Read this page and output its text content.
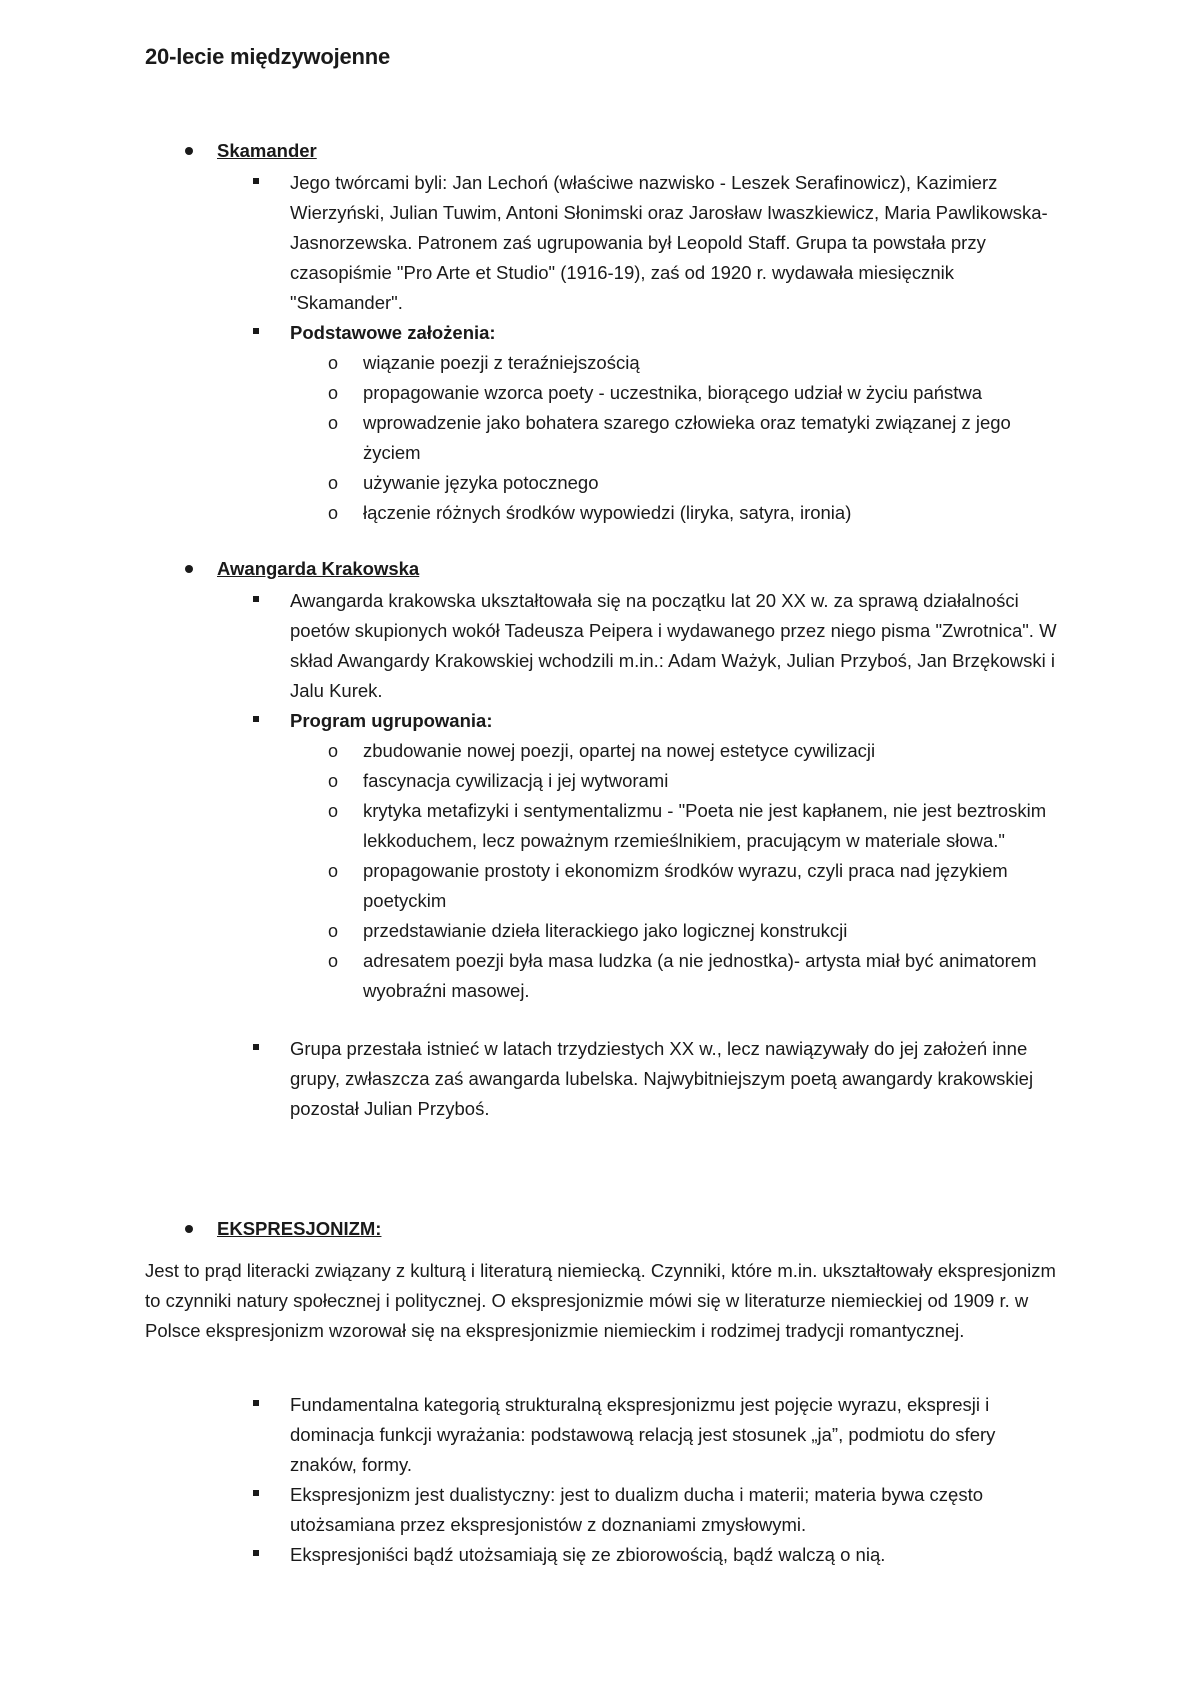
20-lecie międzywojenne
Skamander
Jego twórcami byli: Jan Lechoń (właściwe nazwisko - Leszek Serafinowicz), Kazimierz Wierzyński, Julian Tuwim, Antoni Słonimski oraz Jarosław Iwaszkiewicz, Maria Pawlikowska-Jasnorzewska. Patronem zaś ugrupowania był Leopold Staff. Grupa ta powstała przy czasopiśmie "Pro Arte et Studio" (1916-19), zaś od 1920 r. wydawała miesięcznik "Skamander".
Podstawowe założenia:
o wiązanie poezji z teraźniejszością
o propagowanie wzorca poety - uczestnika, biorącego udział w życiu państwa
o wprowadzenie jako bohatera szarego człowieka oraz tematyki związanej z jego życiem
o używanie języka potocznego
o łączenie różnych środków wypowiedzi (liryka, satyra, ironia)
Awangarda Krakowska
Awangarda krakowska ukształtowała się na początku lat 20 XX w. za sprawą działalności poetów skupionych wokół Tadeusza Peipera i wydawanego przez niego pisma "Zwrotnica". W skład Awangardy Krakowskiej wchodzili m.in.: Adam Ważyk, Julian Przyboś, Jan Brzękowski i Jalu Kurek.
Program ugrupowania:
o zbudowanie nowej poezji, opartej na nowej estetyce cywilizacji
o fascynacja cywilizacją i jej wytworami
o krytyka metafizyki i sentymentalizmu - "Poeta nie jest kapłanem, nie jest beztroskim lekkoduchem, lecz poważnym rzemieślnikiem, pracującym w materiale słowa."
o propagowanie prostoty i ekonomizm środków wyrazu, czyli praca nad językiem poetyckim
o przedstawianie dzieła literackiego jako logicznej konstrukcji
o adresatem poezji była masa ludzka (a nie jednostka)- artysta miał być animatorem wyobraźni masowej.
Grupa przestała istnieć w latach trzydziestych XX w., lecz nawiązywały do jej założeń inne grupy, zwłaszcza zaś awangarda lubelska. Najwybitniejszym poetą awangardy krakowskiej pozostał Julian Przyboś.
EKSPRESJONIZM:
Jest to prąd literacki związany z kulturą i literaturą niemiecką. Czynniki, które m.in. ukształtowały ekspresjonizm to czynniki natury społecznej i politycznej. O ekspresjonizmie mówi się w literaturze niemieckiej od 1909 r. w Polsce ekspresjonizm wzorował się na ekspresjonizmie niemieckim i rodzimej tradycji romantycznej.
Fundamentalna kategorią strukturalną ekspresjonizmu jest pojęcie wyrazu, ekspresji i dominacja funkcji wyrażania: podstawową relacją jest stosunek „ja”, podmiotu do sfery znaków, formy.
Ekspresjonizm jest dualistyczny: jest to dualizm ducha i materii; materia bywa często utożsamiana przez ekspresjonistów z doznaniami zmysłowymi.
Ekspresjoniści bądź utożsamiają się ze zbiorowością, bądź walczą o nią.
